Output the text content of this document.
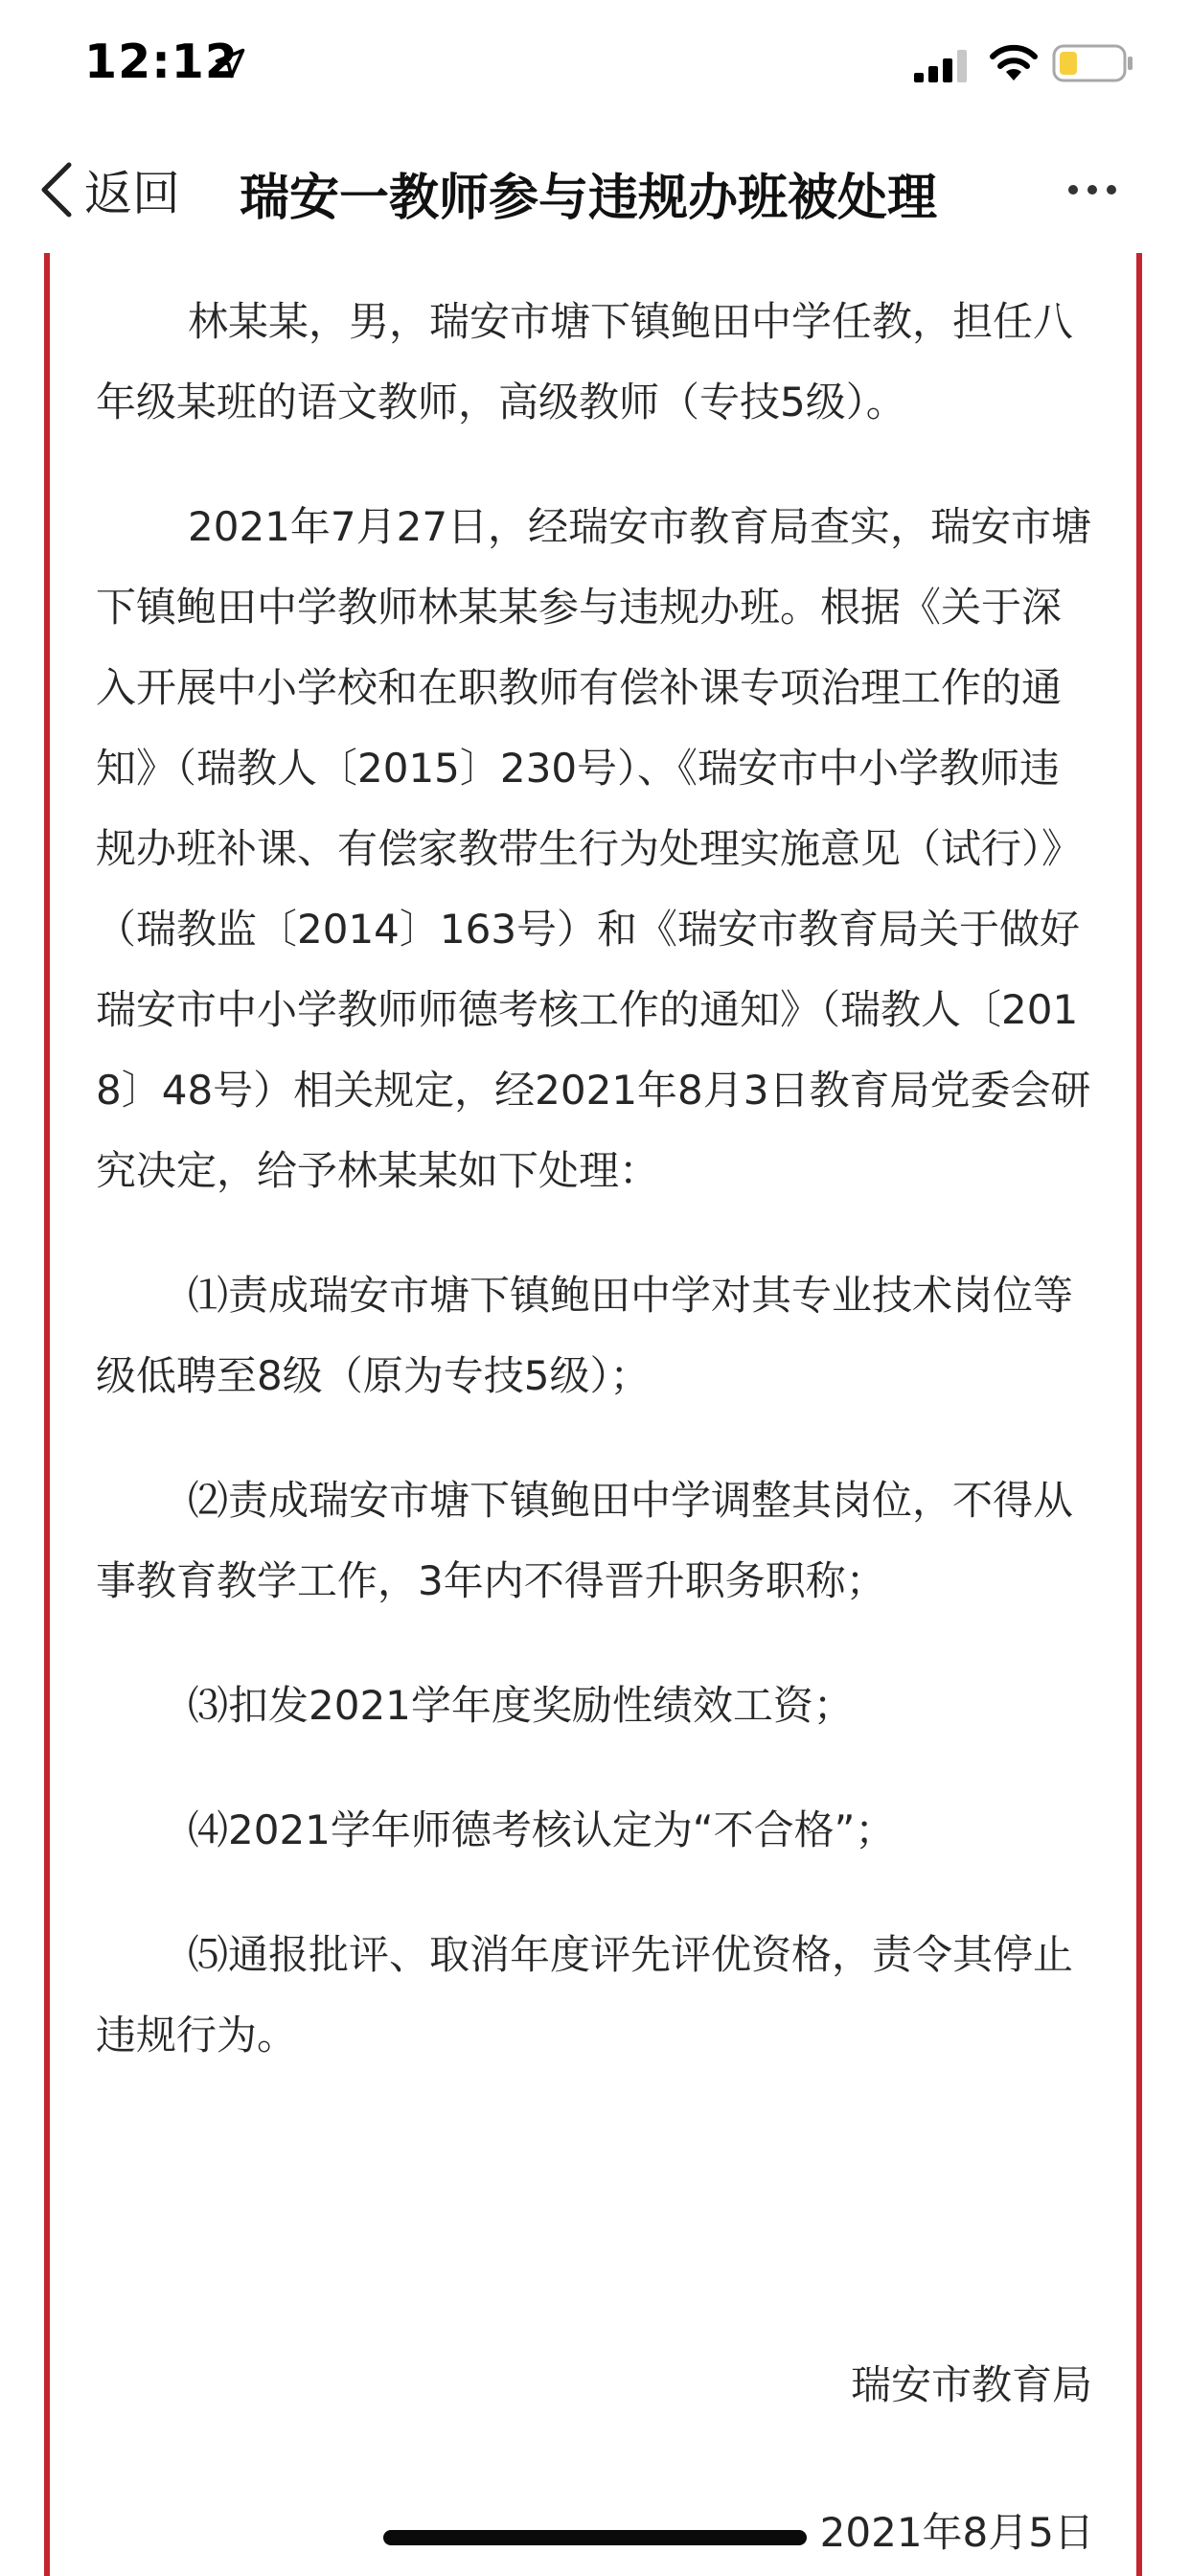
12:12
返回 瑞安一教师参与违规办班被处理

林某某，男，瑞安市塘下镇鲍田中学任教，担任八年级某班的语文教师，高级教师（专技5级）。

2021年7月27日，经瑞安市教育局查实，瑞安市塘下镇鲍田中学教师林某某参与违规办班。根据《关于深入开展中小学校和在职教师有偿补课专项治理工作的通知》（瑞教人〔2015〕230号）、《瑞安市中小学教师违规办班补课、有偿家教带生行为处理实施意见（试行）》（瑞教监〔2014〕163号）和《瑞安市教育局关于做好瑞安市中小学教师师德考核工作的通知》（瑞教人〔2018〕48号）相关规定，经2021年8月3日教育局党委会研究决定，给予林某某如下处理：

⑴责成瑞安市塘下镇鲍田中学对其专业技术岗位等级低聘至8级（原为专技5级）；

⑵责成瑞安市塘下镇鲍田中学调整其岗位，不得从事教育教学工作，3年内不得晋升职务职称；

⑶扣发2021学年度奖励性绩效工资；

⑷2021学年师德考核认定为“不合格”；

⑸通报批评、取消年度评先评优资格，责令其停止违规行为。

瑞安市教育局
2021年8月5日
